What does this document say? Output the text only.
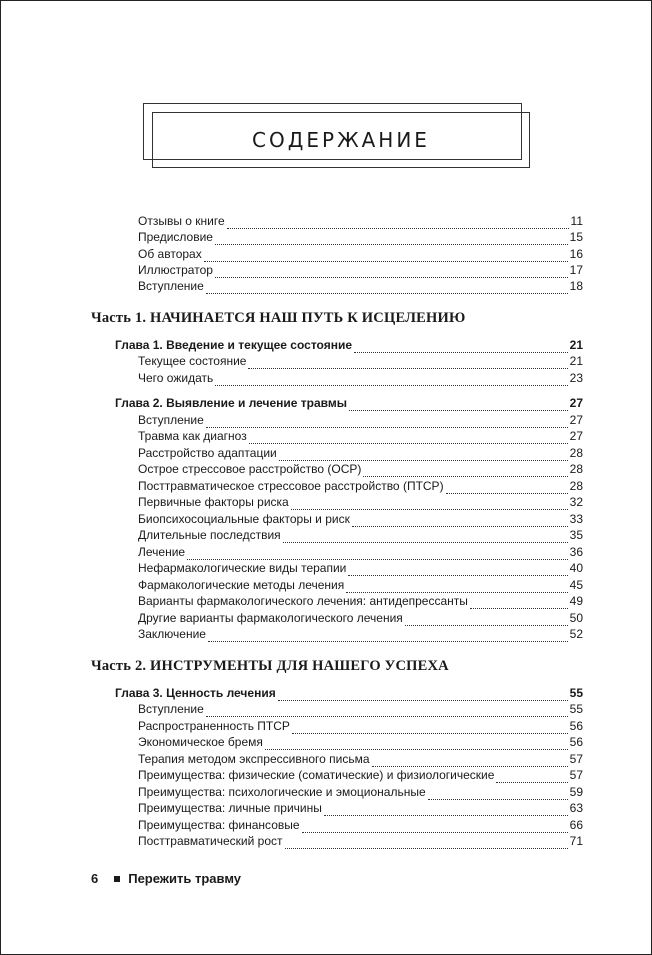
СОДЕРЖАНИЕ
Отзывы о книге	11
Предисловие	15
Об авторах	16
Иллюстратор	17
Вступление	18
Часть 1. НАЧИНАЕТСЯ НАШ ПУТЬ К ИСЦЕЛЕНИЮ
Глава 1. Введение и текущее состояние	21
Текущее состояние	21
Чего ожидать	23
Глава 2. Выявление и лечение травмы	27
Вступление	27
Травма как диагноз	27
Расстройство адаптации	28
Острое стрессовое расстройство (ОСР)	28
Посттравматическое стрессовое расстройство (ПТСР)	28
Первичные факторы риска	32
Биопсихосоциальные факторы и риск	33
Длительные последствия	35
Лечение	36
Нефармакологические виды терапии	40
Фармакологические методы лечения	45
Варианты фармакологического лечения: антидепрессанты	49
Другие варианты фармакологического лечения	50
Заключение	52
Часть 2. ИНСТРУМЕНТЫ ДЛЯ НАШЕГО УСПЕХА
Глава 3. Ценность лечения	55
Вступление	55
Распространенность ПТСР	56
Экономическое бремя	56
Терапия методом экспрессивного письма	57
Преимущества: физические (соматические) и физиологические	57
Преимущества: психологические и эмоциональные	59
Преимущества: личные причины	63
Преимущества: финансовые	66
Посттравматический рост	71
6 Пережить травму
